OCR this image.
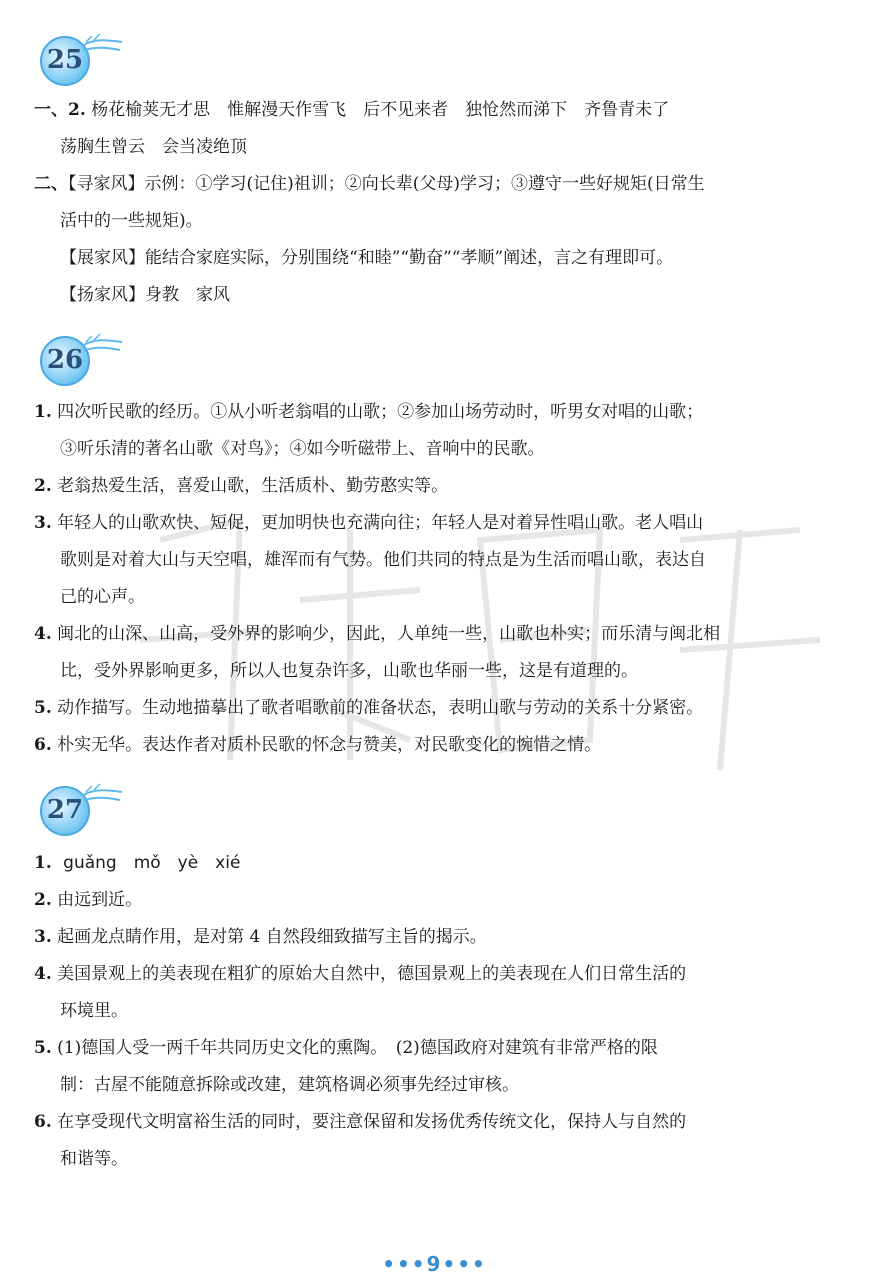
25
一、2. 杨花榆荚无才思　惟解漫天作雪飞　后不见来者　独怆然而涕下　齐鲁青未了
荡胸生曾云　会当凌绝顶
二、【寻家风】示例：①学习(记住)祖训；②向长辈(父母)学习；③遵守一些好规矩(日常生
活中的一些规矩)。
【展家风】能结合家庭实际，分别围绕“和睦”“勤奋”“孝顺”阐述，言之有理即可。
【扬家风】身教　家风
26
1. 四次听民歌的经历。①从小听老翁唱的山歌；②参加山场劳动时，听男女对唱的山歌；
③听乐清的著名山歌《对鸟》；④如今听磁带上、音响中的民歌。
2. 老翁热爱生活，喜爱山歌，生活质朴、勤劳憨实等。
3. 年轻人的山歌欢快、短促，更加明快也充满向往；年轻人是对着异性唱山歌。老人唱山
歌则是对着大山与天空唱，雄浑而有气势。他们共同的特点是为生活而唱山歌，表达自
己的心声。
4. 闽北的山深、山高，受外界的影响少，因此，人单纯一些，山歌也朴实；而乐清与闽北相
比，受外界影响更多，所以人也复杂许多，山歌也华丽一些，这是有道理的。
5. 动作描写。生动地描摹出了歌者唱歌前的准备状态，表明山歌与劳动的关系十分紧密。
6. 朴实无华。表达作者对质朴民歌的怀念与赞美，对民歌变化的惋惜之情。
27
1. guǎng　mǒ　yè　xié
2. 由远到近。
3. 起画龙点睛作用，是对第 4 自然段细致描写主旨的揭示。
4. 美国景观上的美表现在粗犷的原始大自然中，德国景观上的美表现在人们日常生活的
环境里。
5. (1)德国人受一两千年共同历史文化的熏陶。　(2)德国政府对建筑有非常严格的限
制：古屋不能随意拆除或改建，建筑格调必须事先经过审核。
6. 在享受现代文明富裕生活的同时，要注意保留和发扬优秀传统文化，保持人与自然的
和谐等。
•••9•••
